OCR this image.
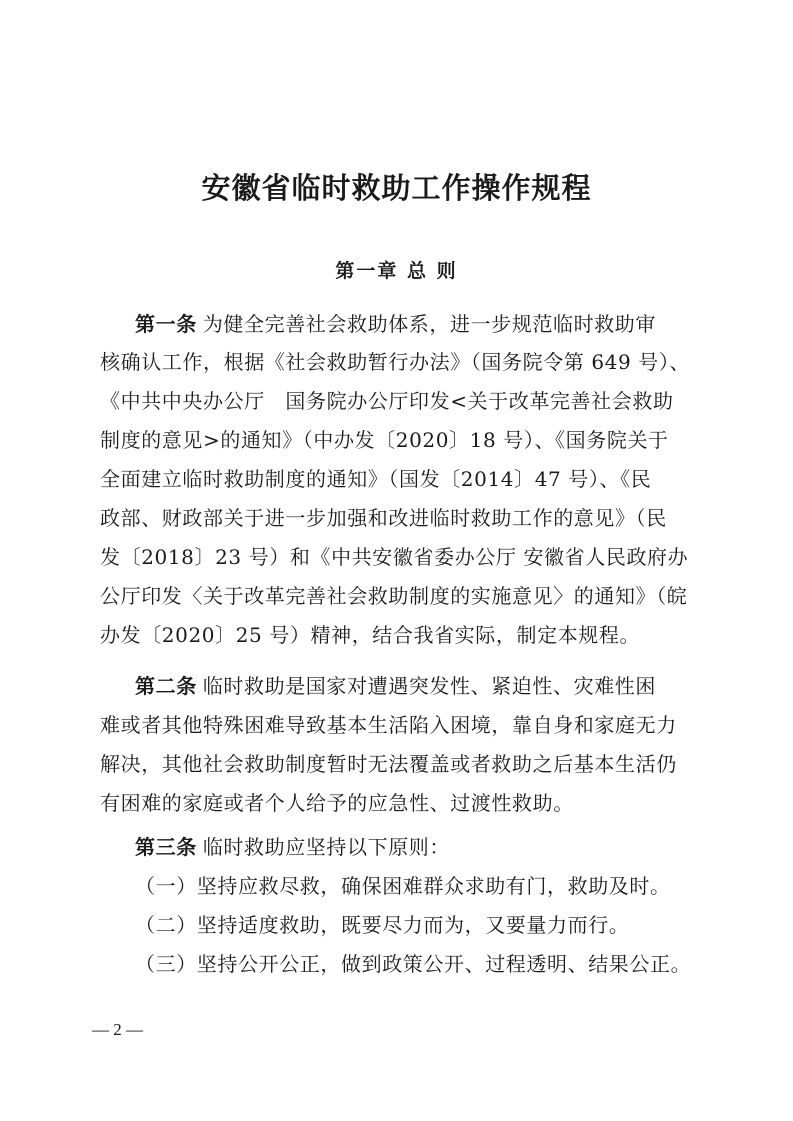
安徽省临时救助工作操作规程
第一章 总 则
第一条 为健全完善社会救助体系，进一步规范临时救助审
核确认工作，根据《社会救助暂行办法》（国务院令第 649 号）、
《中共中央办公厅　国务院办公厅印发<关于改革完善社会救助
制度的意见>的通知》（中办发〔2020〕18 号）、《国务院关于
全面建立临时救助制度的通知》（国发〔2014〕47 号）、《民
政部、财政部关于进一步加强和改进临时救助工作的意见》（民
发〔2018〕23 号）和《中共安徽省委办公厅 安徽省人民政府办
公厅印发〈关于改革完善社会救助制度的实施意见〉的通知》（皖
办发〔2020〕25 号）精神，结合我省实际，制定本规程。
第二条 临时救助是国家对遭遇突发性、紧迫性、灾难性困
难或者其他特殊困难导致基本生活陷入困境，靠自身和家庭无力
解决，其他社会救助制度暂时无法覆盖或者救助之后基本生活仍
有困难的家庭或者个人给予的应急性、过渡性救助。
第三条 临时救助应坚持以下原则：
（一）坚持应救尽救，确保困难群众求助有门，救助及时。
（二）坚持适度救助，既要尽力而为，又要量力而行。
（三）坚持公开公正，做到政策公开、过程透明、结果公正。
— 2 —
